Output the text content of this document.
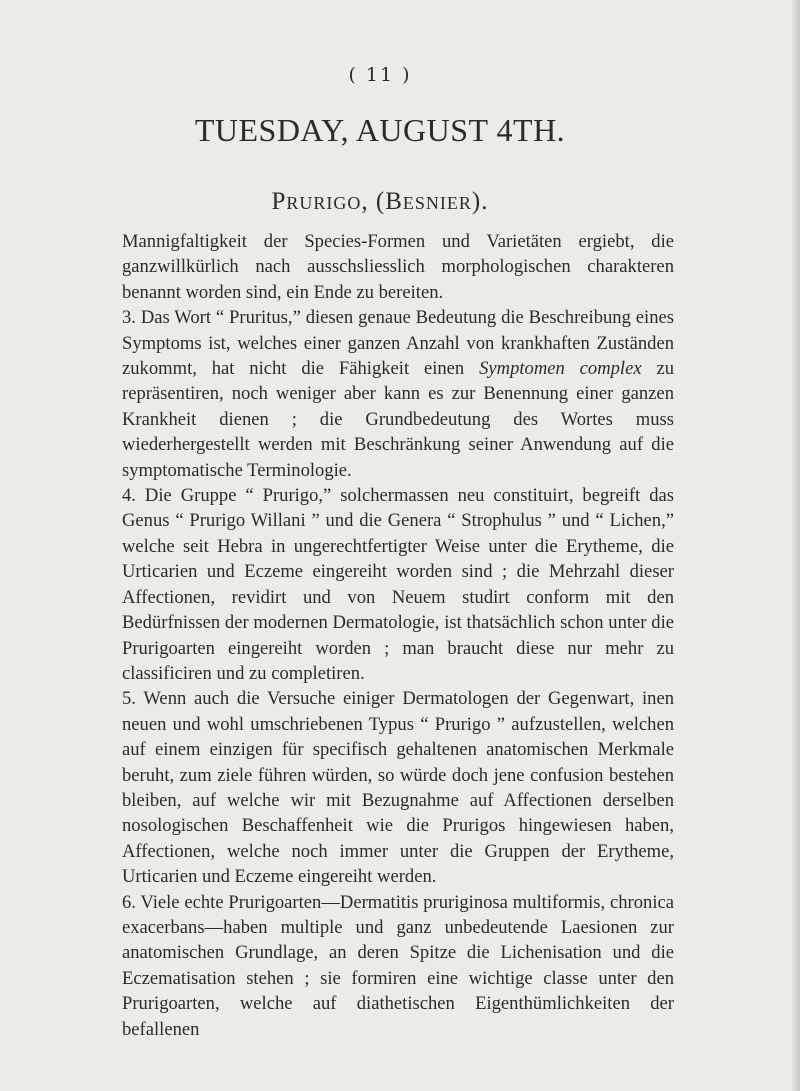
( 11 )
TUESDAY, AUGUST 4TH.
Prurigo, (Besnier).

Mannigfaltigkeit der Species-Formen und Varietäten ergiebt, die ganzwillkürlich nach ausschsliesslich morphologischen charakteren benannt worden sind, ein Ende zu bereiten.

3. Das Wort “ Pruritus,” diesen genaue Bedeutung die Beschreibung eines Symptoms ist, welches einer ganzen Anzahl von krankhaften Zuständen zukommt, hat nicht die Fähigkeit einen Symptomen complex zu repräsentiren, noch weniger aber kann es zur Benennung einer ganzen Krankheit dienen ; die Grundbedeutung des Wortes muss wiederhergestellt werden mit Beschränkung seiner Anwendung auf die symptomatische Terminologie.

4. Die Gruppe “ Prurigo,” solchermassen neu constituirt, begreift das Genus “ Prurigo Willani ” und die Genera “ Strophulus ” und “ Lichen,” welche seit Hebra in ungerechtfertigter Weise unter die Erytheme, die Urticarien und Eczeme eingereiht worden sind ; die Mehrzahl dieser Affectionen, revidirt und von Neuem studirt conform mit den Bedürfnissen der modernen Dermatologie, ist thatsächlich schon unter die Prurigoarten eingereiht worden ; man braucht diese nur mehr zu classificiren und zu completiren.

5. Wenn auch die Versuche einiger Dermatologen der Gegenwart, inen neuen und wohl umschriebenen Typus “ Prurigo ” aufzustellen, welchen auf einem einzigen für specifisch gehaltenen anatomischen Merkmale beruht, zum ziele führen würden, so würde doch jene confusion bestehen bleiben, auf welche wir mit Bezugnahme auf Affectionen derselben nosologischen Beschaffenheit wie die Prurigos hingewiesen haben, Affectionen, welche noch immer unter die Gruppen der Erytheme, Urticarien und Eczeme eingereiht werden.

6. Viele echte Prurigoarten—Dermatitis pruriginosa multiformis, chronica exacerbans—haben multiple und ganz unbedeutende Laesionen zur anatomischen Grundlage, an deren Spitze die Lichenisation und die Eczematisation stehen ; sie formiren eine wichtige classe unter den Prurigoarten, welche auf diathetischen Eigenthümlichkeiten der befallenen
